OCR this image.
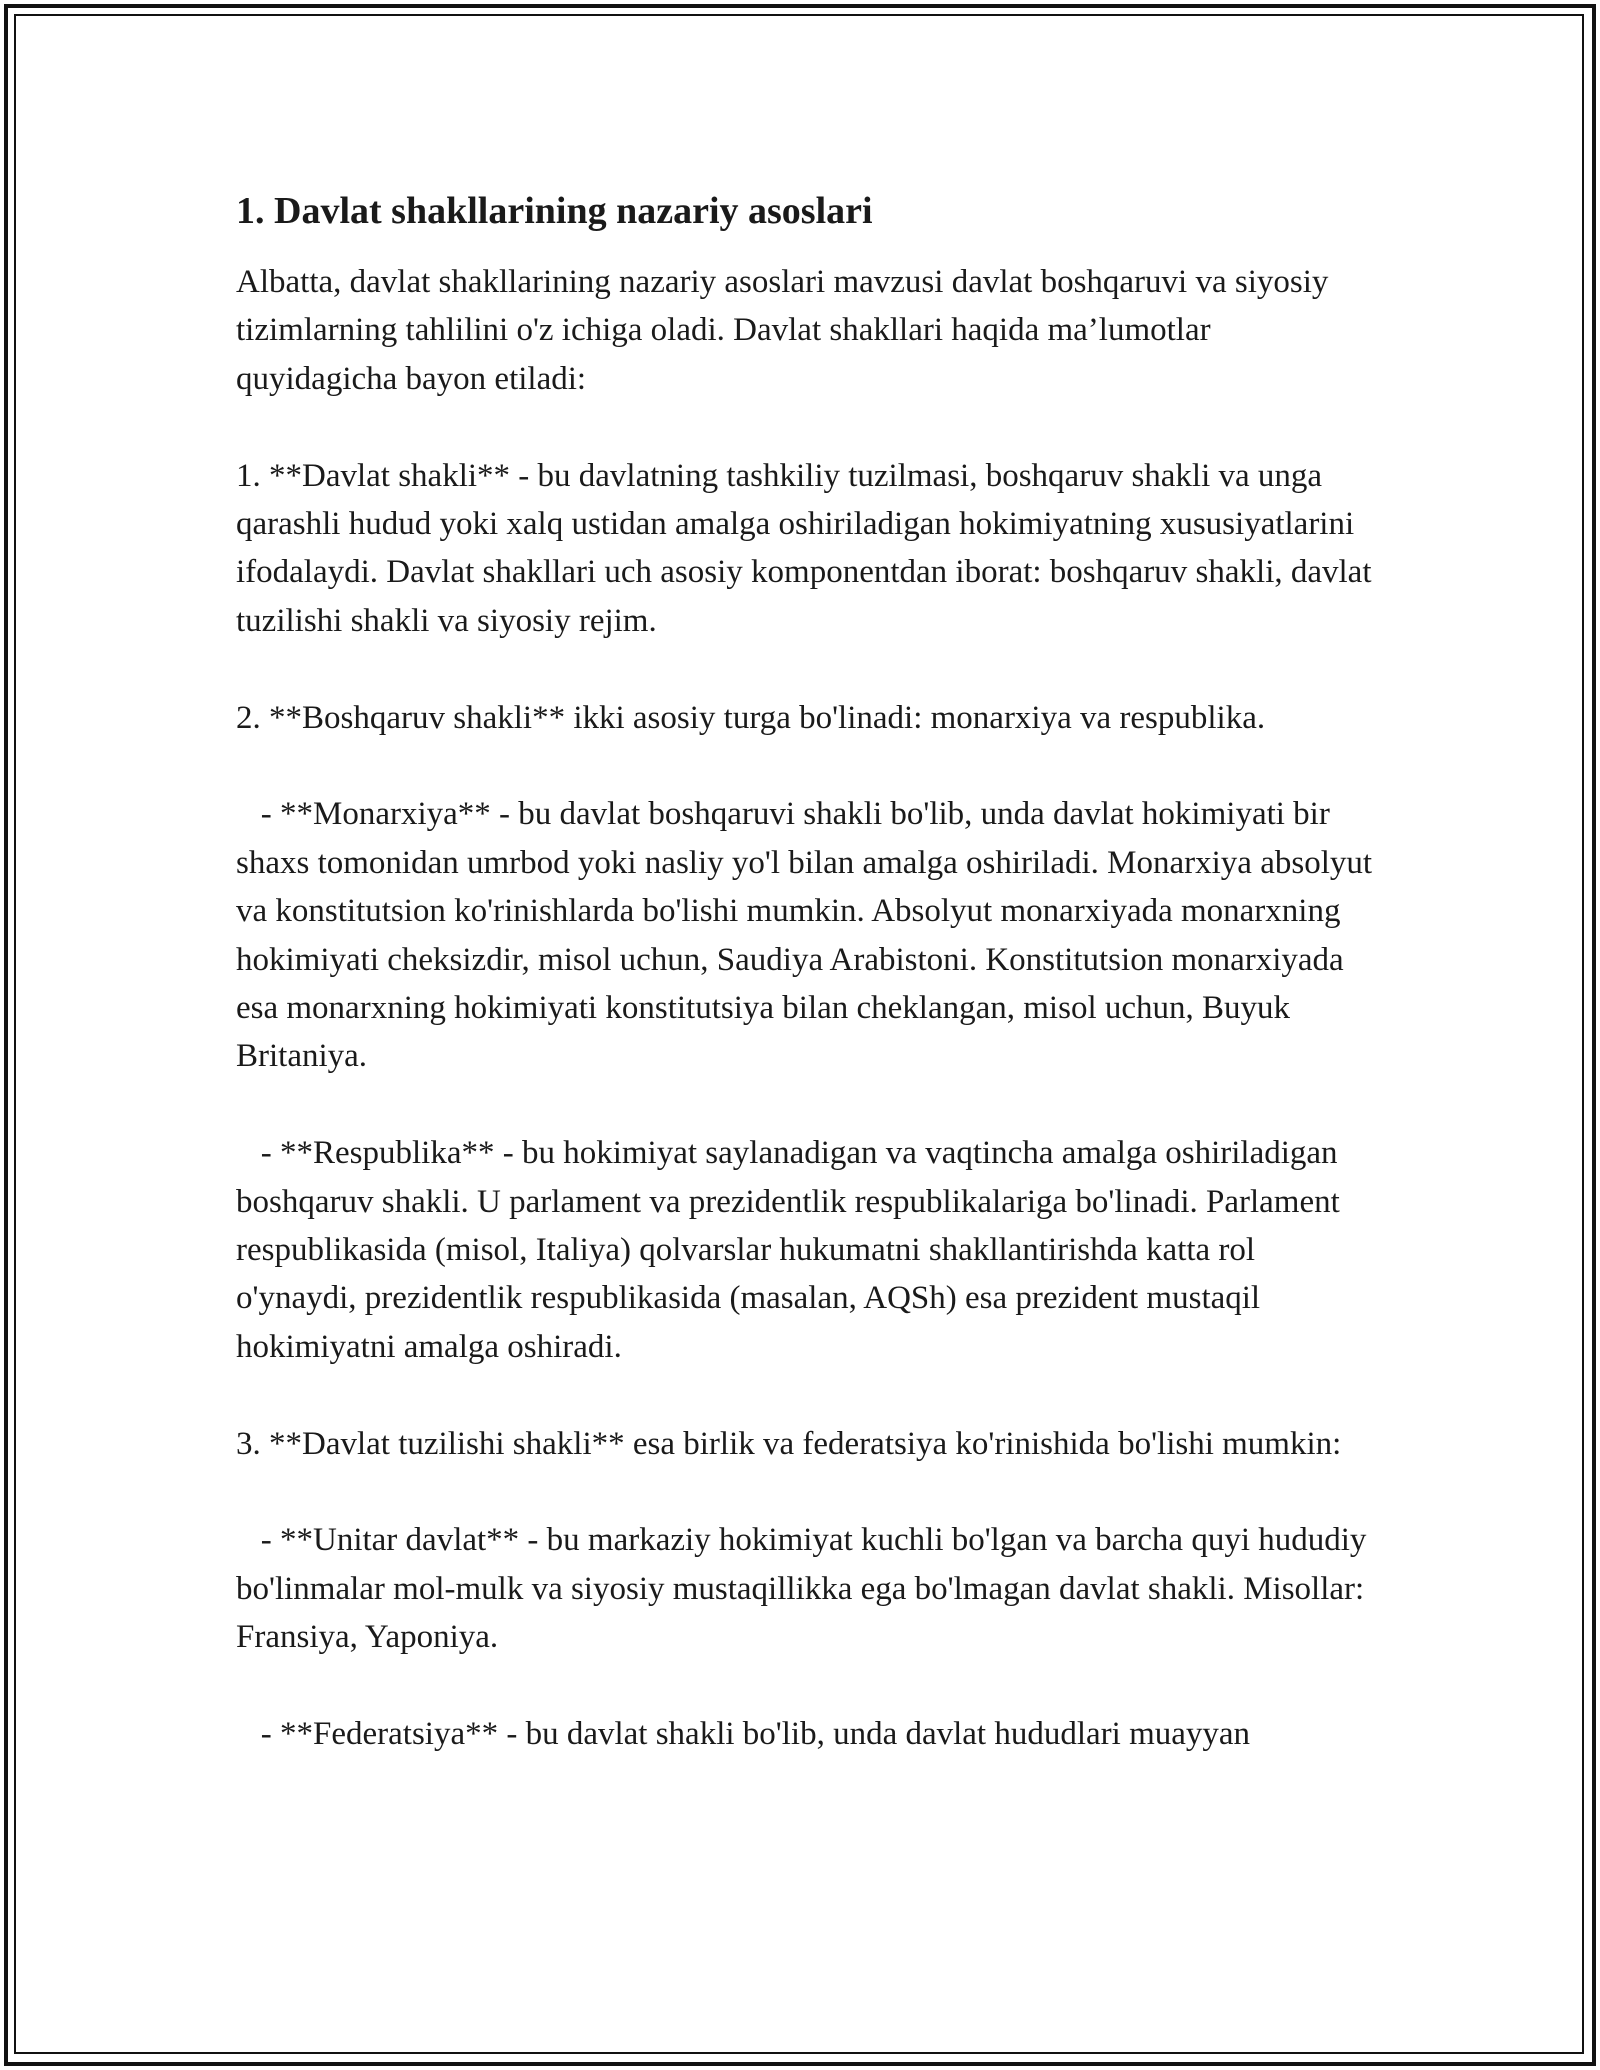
1. Davlat shakllarining nazariy asoslari

Albatta, davlat shakllarining nazariy asoslari mavzusi davlat boshqaruvi va siyosiy tizimlarning tahlilini o'z ichiga oladi. Davlat shakllari haqida ma’lumotlar quyidagicha bayon etiladi:

1. **Davlat shakli** - bu davlatning tashkiliy tuzilmasi, boshqaruv shakli va unga qarashli hudud yoki xalq ustidan amalga oshiriladigan hokimiyatning xususiyatlarini ifodalaydi. Davlat shakllari uch asosiy komponentdan iborat: boshqaruv shakli, davlat tuzilishi shakli va siyosiy rejim.

2. **Boshqaruv shakli** ikki asosiy turga bo'linadi: monarxiya va respublika.

- **Monarxiya** - bu davlat boshqaruvi shakli bo'lib, unda davlat hokimiyati bir shaxs tomonidan umrbod yoki nasliy yo'l bilan amalga oshiriladi. Monarxiya absolyut va konstitutsion ko'rinishlarda bo'lishi mumkin. Absolyut monarxiyada monarxning hokimiyati cheksizdir, misol uchun, Saudiya Arabistoni. Konstitutsion monarxiyada esa monarxning hokimiyati konstitutsiya bilan cheklangan, misol uchun, Buyuk Britaniya.

- **Respublika** - bu hokimiyat saylanadigan va vaqtincha amalga oshiriladigan boshqaruv shakli. U parlament va prezidentlik respublikalariga bo'linadi. Parlament respublikasida (misol, Italiya) qolvarslar hukumatni shakllantirishda katta rol o'ynaydi, prezidentlik respublikasida (masalan, AQSh) esa prezident mustaqil hokimiyatni amalga oshiradi.

3. **Davlat tuzilishi shakli** esa birlik va federatsiya ko'rinishida bo'lishi mumkin:

- **Unitar davlat** - bu markaziy hokimiyat kuchli bo'lgan va barcha quyi hududiy bo'linmalar mol-mulk va siyosiy mustaqillikka ega bo'lmagan davlat shakli. Misollar: Fransiya, Yaponiya.

- **Federatsiya** - bu davlat shakli bo'lib, unda davlat hududlari muayyan
